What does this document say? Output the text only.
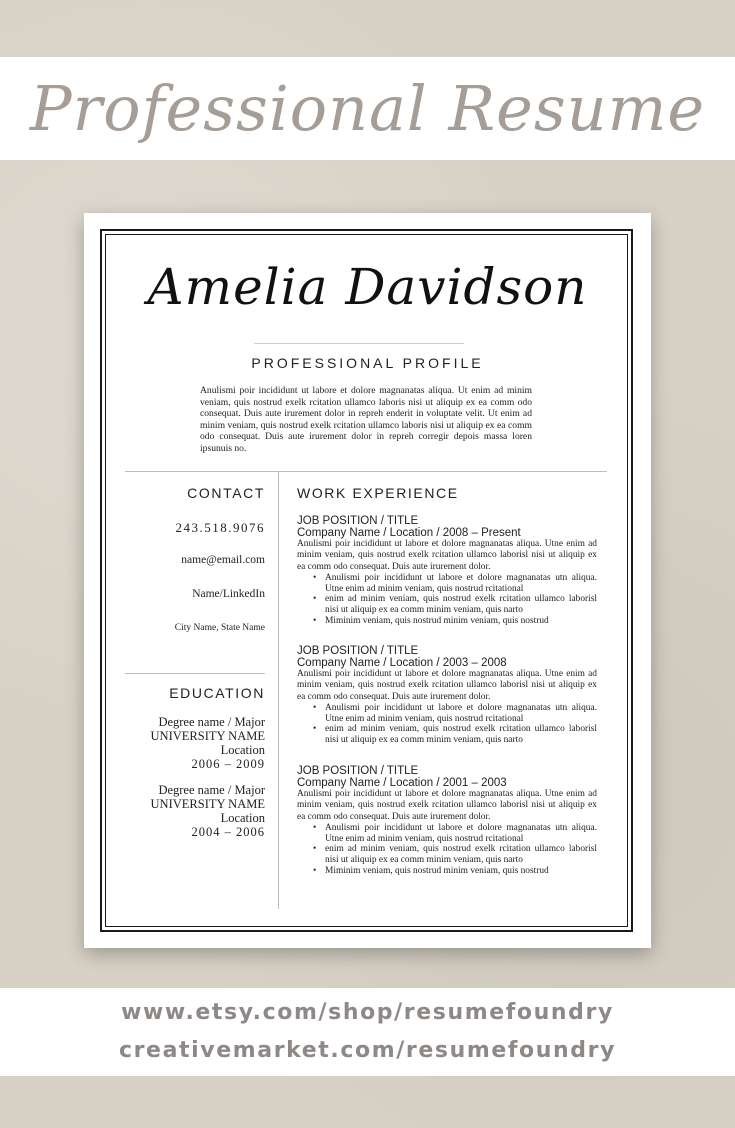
Professional Resume
Amelia Davidson
PROFESSIONAL PROFILE
Anulismi poir incididunt ut labore et dolore magnanatas aliqua. Ut enim ad minim veniam, quis nostrud exelk rcitation ullamco laboris nisi ut aliquip ex ea comm odo consequat. Duis aute irurement dolor in repreh enderit in voluptate velit. Ut enim ad minim veniam, quis nostrud exelk rcitation ullamco laboris nisi ut aliquip ex ea comm odo consequat. Duis aute irurement dolor in repreh corregir depois massa loren ipsunuis no.
CONTACT
243.518.9076
name@email.com
Name/LinkedIn
City Name, State Name
EDUCATION
Degree name / Major
UNIVERSITY NAME
Location
2006 – 2009
Degree name / Major
UNIVERSITY NAME
Location
2004 – 2006
WORK EXPERIENCE
JOB POSITION / TITLE
Company Name / Location / 2008 – Present
Anulismi poir incididunt ut labore et dolore magnanatas aliqua. Utne enim ad minim veniam, quis nostrud exelk rcitation ullamco laborisl nisi ut aliquip ex ea comm odo consequat. Duis aute irurement dolor.
• Anulismi poir incididunt ut labore et dolore magnanatas utn aliqua. Utne enim ad minim veniam, quis nostrud rcitational
• enim ad minim veniam, quis nostrud exelk rcitation ullamco laborisl nisi ut aliquip ex ea comm minim veniam, quis narto
• Miminim veniam, quis nostrud minim veniam, quis nostrud
JOB POSITION / TITLE
Company Name / Location / 2003 – 2008
Anulismi poir incididunt ut labore et dolore magnanatas aliqua. Utne enim ad minim veniam, quis nostrud exelk rcitation ullamco laborisl nisi ut aliquip ex ea comm odo consequat. Duis aute irurement dolor.
• Anulismi poir incididunt ut labore et dolore magnanatas utn aliqua. Utne enim ad minim veniam, quis nostrud rcitational
• enim ad minim veniam, quis nostrud exelk rcitation ullamco laborisl nisi ut aliquip ex ea comm minim veniam, quis narto
JOB POSITION / TITLE
Company Name / Location / 2001 – 2003
Anulismi poir incididunt ut labore et dolore magnanatas aliqua. Utne enim ad minim veniam, quis nostrud exelk rcitation ullamco laborisl nisi ut aliquip ex ea comm odo consequat. Duis aute irurement dolor.
• Anulismi poir incididunt ut labore et dolore magnanatas utn aliqua. Utne enim ad minim veniam, quis nostrud rcitational
• enim ad minim veniam, quis nostrud exelk rcitation ullamco laborisl nisi ut aliquip ex ea comm minim veniam, quis narto
• Miminim veniam, quis nostrud minim veniam, quis nostrud
www.etsy.com/shop/resumefoundry
creativemarket.com/resumefoundry
